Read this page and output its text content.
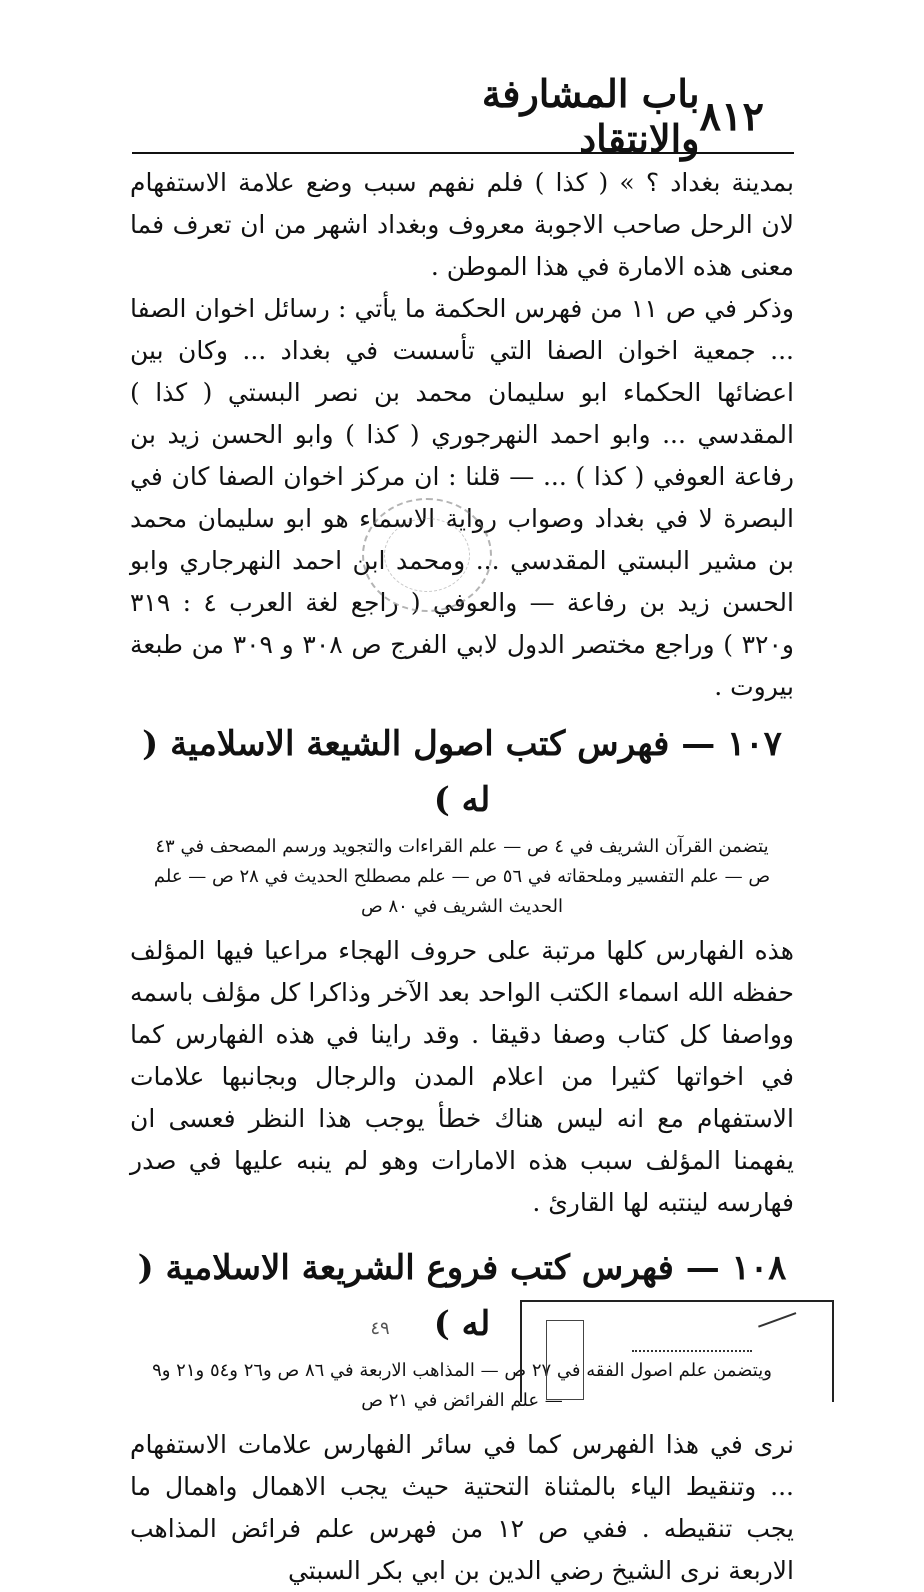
٨١٢
باب المشارفة والانتقاد

بمدينة بغداد ؟ » ( كذا ) فلم نفهم سبب وضع علامة الاستفهام لان الرحل صاحب الاجوبة معروف وبغداد اشهر من ان تعرف فما معنى هذه الامارة في هذا الموطن .

وذكر في ص ١١ من فهرس الحكمة ما يأتي : رسائل اخوان الصفا ... جمعية اخوان الصفا التي تأسست في بغداد ... وكان بين اعضائها الحكماء ابو سليمان محمد بن نصر البستي ( كذا ) المقدسي ... وابو احمد النهرجوري ( كذا ) وابو الحسن زيد بن رفاعة العوفي ( كذا ) ... — قلنا : ان مركز اخوان الصفا كان في البصرة لا في بغداد وصواب رواية الاسماء هو ابو سليمان محمد بن مشير البستي المقدسي ... ومحمد ابن احمد النهرجاري وابو الحسن زيد بن رفاعة — والعوفي ( راجع لغة العرب ٤ : ٣١٩ و٣٢٠ ) وراجع مختصر الدول لابي الفرج ص ٣٠٨ و ٣٠٩ من طبعة بيروت .

١٠٧ — فهرس كتب اصول الشيعة الاسلامية ( له )
يتضمن القرآن الشريف في ٤ ص — علم القراءات والتجويد ورسم المصحف في ٤٣ ص — علم التفسير وملحقاته في ٥٦ ص — علم مصطلح الحديث في ٢٨ ص — علم الحديث الشريف في ٨٠ ص

هذه الفهارس كلها مرتبة على حروف الهجاء مراعيا فيها المؤلف حفظه الله اسماء الكتب الواحد بعد الآخر وذاكرا كل مؤلف باسمه وواصفا كل كتاب وصفا دقيقا . وقد راينا في هذه الفهارس كما في اخواتها كثيرا من اعلام المدن والرجال وبجانبها علامات الاستفهام مع انه ليس هناك خطأ يوجب هذا النظر فعسى ان يفهمنا المؤلف سبب هذه الامارات وهو لم ينبه عليها في صدر فهارسه لينتبه لها القارئ .

١٠٨ — فهرس كتب فروع الشريعة الاسلامية ( له )
ويتضمن علم اصول الفقه في ٢٧ ص — المذاهب الاربعة في ٨٦ ص و٢٦ و٥٤ و٢١ و٩ — علم الفرائض في ٢١ ص

نرى في هذا الفهرس كما في سائر الفهارس علامات الاستفهام ... وتنقيط الياء بالمثناة التحتية حيث يجب الاهمال واهمال ما يجب تنقيطه . ففي ص ١٢ من فهرس علم فرائض المذاهب الاربعة نرى الشيخ رضي الدين بن ابي بكر السبتي

٤٩
